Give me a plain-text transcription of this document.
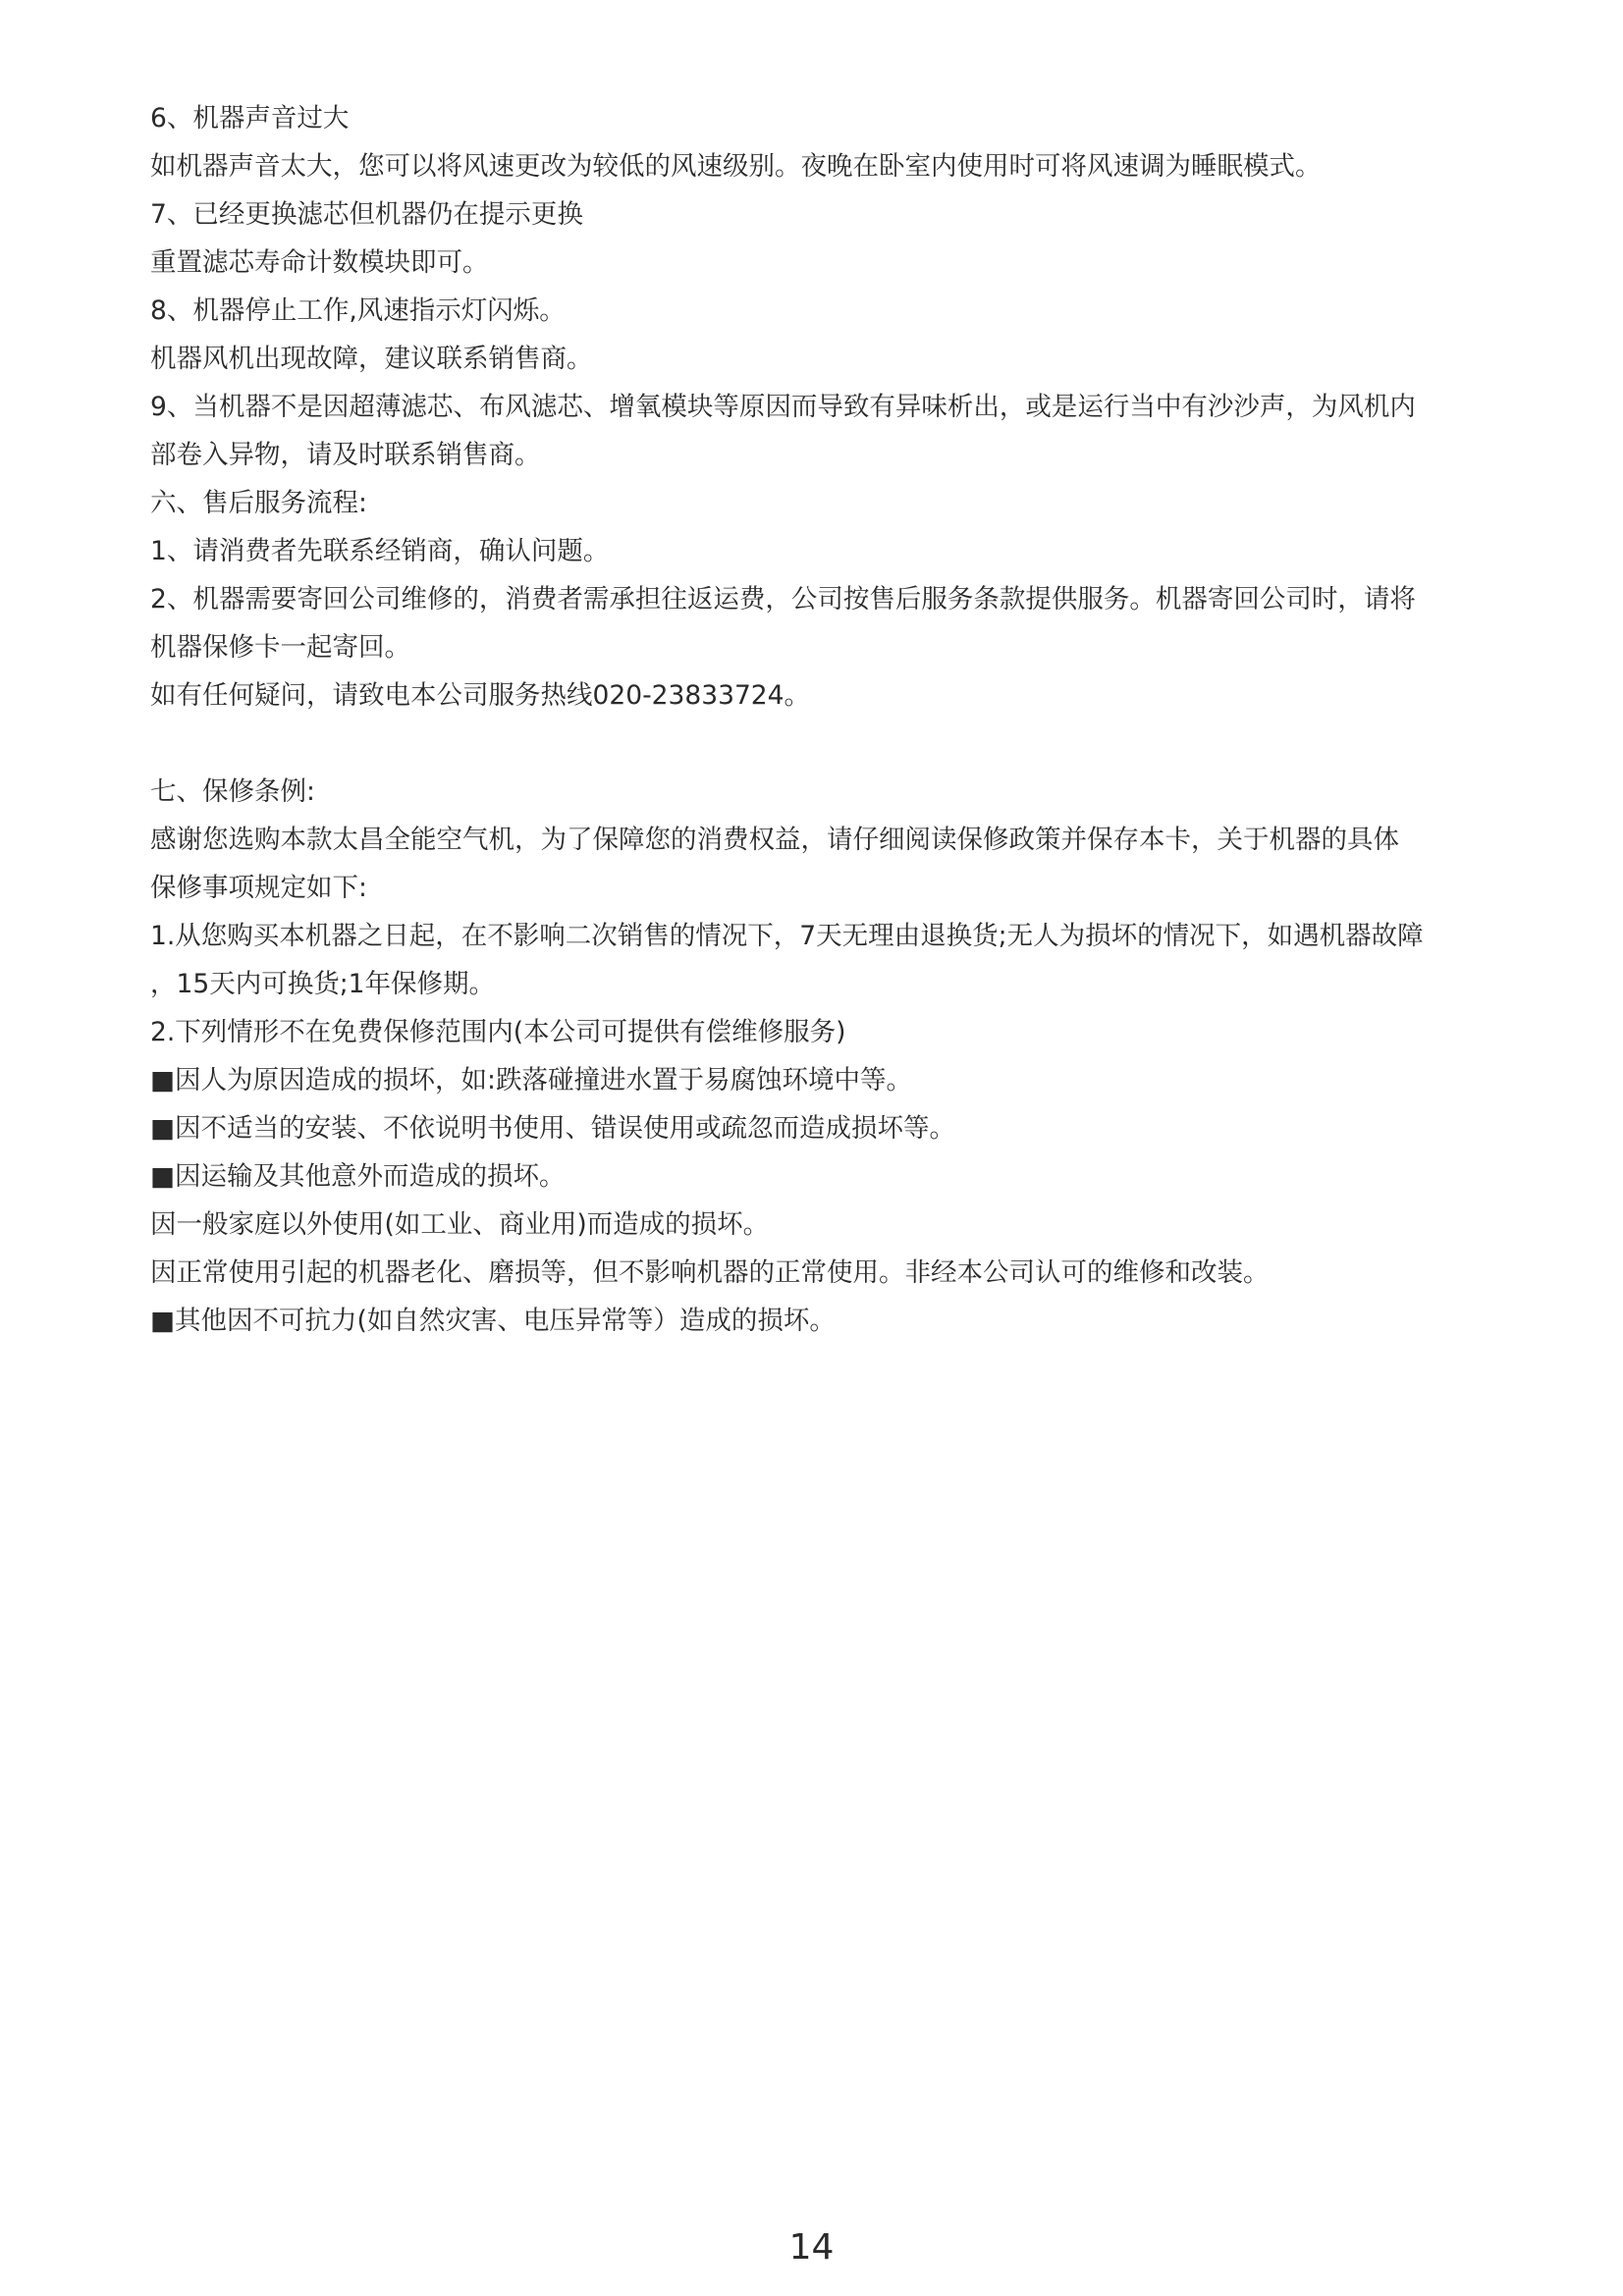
6、机器声音过大
如机器声音太大，您可以将风速更改为较低的风速级别。夜晚在卧室内使用时可将风速调为睡眠模式。
7、已经更换滤芯但机器仍在提示更换
重置滤芯寿命计数模块即可。
8、机器停止工作,风速指示灯闪烁。
机器风机出现故障，建议联系销售商。
9、当机器不是因超薄滤芯、布风滤芯、增氧模块等原因而导致有异味析出，或是运行当中有沙沙声，为风机内
部卷入异物，请及时联系销售商。
六、售后服务流程:
1、请消费者先联系经销商，确认问题。
2、机器需要寄回公司维修的，消费者需承担往返运费，公司按售后服务条款提供服务。机器寄回公司时，请将
机器保修卡一起寄回。
如有任何疑问，请致电本公司服务热线020-23833724。
七、保修条例:
感谢您选购本款太昌全能空气机，为了保障您的消费权益，请仔细阅读保修政策并保存本卡，关于机器的具体
保修事项规定如下:
1.从您购买本机器之日起，在不影响二次销售的情况下，7天无理由退换货;无人为损坏的情况下，如遇机器故障
，15天内可换货;1年保修期。
2.下列情形不在免费保修范围内(本公司可提供有偿维修服务)
■因人为原因造成的损坏，如:跌落碰撞进水置于易腐蚀环境中等。
■因不适当的安装、不依说明书使用、错误使用或疏忽而造成损坏等。
■因运输及其他意外而造成的损坏。
因一般家庭以外使用(如工业、商业用)而造成的损坏。
因正常使用引起的机器老化、磨损等，但不影响机器的正常使用。非经本公司认可的维修和改装。
■其他因不可抗力(如自然灾害、电压异常等）造成的损坏。
14
